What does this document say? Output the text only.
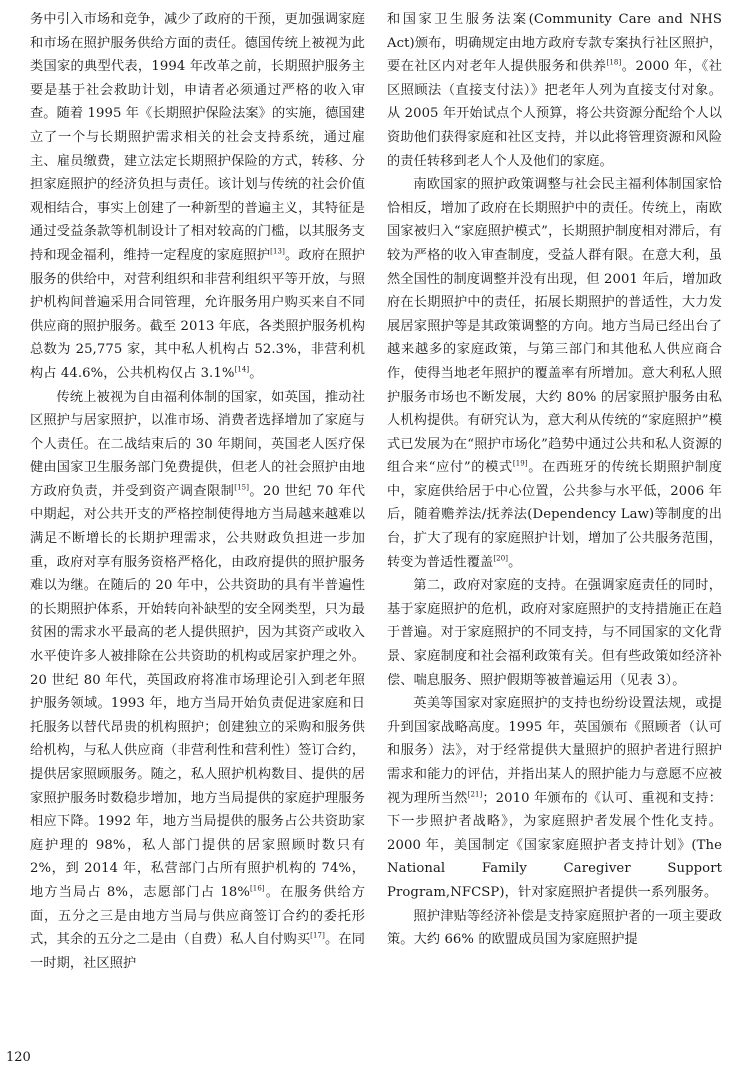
务中引入市场和竞争，减少了政府的干预，更加强调家庭和市场在照护服务供给方面的责任。德国传统上被视为此类国家的典型代表，1994 年改革之前，长期照护服务主要是基于社会救助计划，申请者必须通过严格的收入审查。随着 1995 年《长期照护保险法案》的实施，德国建立了一个与长期照护需求相关的社会支持系统，通过雇主、雇员缴费，建立法定长期照护保险的方式，转移、分担家庭照护的经济负担与责任。该计划与传统的社会价值观相结合，事实上创建了一种新型的普遍主义，其特征是通过受益条款等机制设计了相对较高的门槛，以其服务支持和现金福利，维持一定程度的家庭照护[13]。政府在照护服务的供给中，对营利组织和非营利组织平等开放，与照护机构间普遍采用合同管理，允许服务用户购买来自不同供应商的照护服务。截至 2013 年底，各类照护服务机构总数为 25,775 家，其中私人机构占 52.3%，非营利机构占 44.6%，公共机构仅占 3.1%[14]。

传统上被视为自由福利体制的国家，如英国，推动社区照护与居家照护，以准市场、消费者选择增加了家庭与个人责任。在二战结束后的 30 年期间，英国老人医疗保健由国家卫生服务部门免费提供，但老人的社会照护由地方政府负责，并受到资产调查限制[15]。20 世纪 70 年代中期起，对公共开支的严格控制使得地方当局越来越难以满足不断增长的长期护理需求，公共财政负担进一步加重，政府对享有服务资格严格化，由政府提供的照护服务难以为继。在随后的 20 年中，公共资助的具有半普遍性的长期照护体系，开始转向补缺型的安全网类型，只为最贫困的需求水平最高的老人提供照护，因为其资产或收入水平使许多人被排除在公共资助的机构或居家护理之外。20 世纪 80 年代，英国政府将准市场理论引入到老年照护服务领域。1993 年，地方当局开始负责促进家庭和日托服务以替代昂贵的机构照护；创建独立的采购和服务供给机构，与私人供应商（非营利性和营利性）签订合约，提供居家照顾服务。随之，私人照护机构数目、提供的居家照护服务时数稳步增加，地方当局提供的家庭护理服务相应下降。1992 年，地方当局提供的服务占公共资助家庭护理的 98%，私人部门提供的居家照顾时数只有 2%，到 2014 年，私营部门占所有照护机构的 74%，地方当局占 8%，志愿部门占 18%[16]。在服务供给方面，五分之三是由地方当局与供应商签订合约的委托形式，其余的五分之二是由（自费）私人自付购买[17]。在同一时期，社区照护

和国家卫生服务法案(Community Care and NHS Act)颁布，明确规定由地方政府专款专案执行社区照护，要在社区内对老年人提供服务和供养[18]。2000 年，《社区照顾法（直接支付法）》把老年人列为直接支付对象。从 2005 年开始试点个人预算，将公共资源分配给个人以资助他们获得家庭和社区支持，并以此将管理资源和风险的责任转移到老人个人及他们的家庭。

南欧国家的照护政策调整与社会民主福利体制国家恰恰相反，增加了政府在长期照护中的责任。传统上，南欧国家被归入“家庭照护模式”，长期照护制度相对滞后，有较为严格的收入审查制度，受益人群有限。在意大利，虽然全国性的制度调整并没有出现，但 2001 年后，增加政府在长期照护中的责任，拓展长期照护的普适性，大力发展居家照护等是其政策调整的方向。地方当局已经出台了越来越多的家庭政策，与第三部门和其他私人供应商合作，使得当地老年照护的覆盖率有所增加。意大利私人照护服务市场也不断发展，大约 80% 的居家照护服务由私人机构提供。有研究认为，意大利从传统的“家庭照护”模式已发展为在“照护市场化”趋势中通过公共和私人资源的组合来“应付”的模式[19]。在西班牙的传统长期照护制度中，家庭供给居于中心位置，公共参与水平低，2006 年后，随着赡养法/抚养法(Dependency Law)等制度的出台，扩大了现有的家庭照护计划，增加了公共服务范围，转变为普适性覆盖[20]。

第二，政府对家庭的支持。在强调家庭责任的同时，基于家庭照护的危机，政府对家庭照护的支持措施正在趋于普遍。对于家庭照护的不同支持，与不同国家的文化背景、家庭制度和社会福利政策有关。但有些政策如经济补偿、喘息服务、照护假期等被普遍运用（见表 3）。

英美等国家对家庭照护的支持也纷纷设置法规，或提升到国家战略高度。1995 年，英国颁布《照顾者（认可和服务）法》，对于经常提供大量照护的照护者进行照护需求和能力的评估，并指出某人的照护能力与意愿不应被视为理所当然[21]；2010 年颁布的《认可、重视和支持：下一步照护者战略》，为家庭照护者发展个性化支持。2000 年，美国制定《国家家庭照护者支持计划》(The National Family Caregiver Support Program,NFCSP)，针对家庭照护者提供一系列服务。

照护津贴等经济补偿是支持家庭照护者的一项主要政策。大约 66% 的欧盟成员国为家庭照护提

120
